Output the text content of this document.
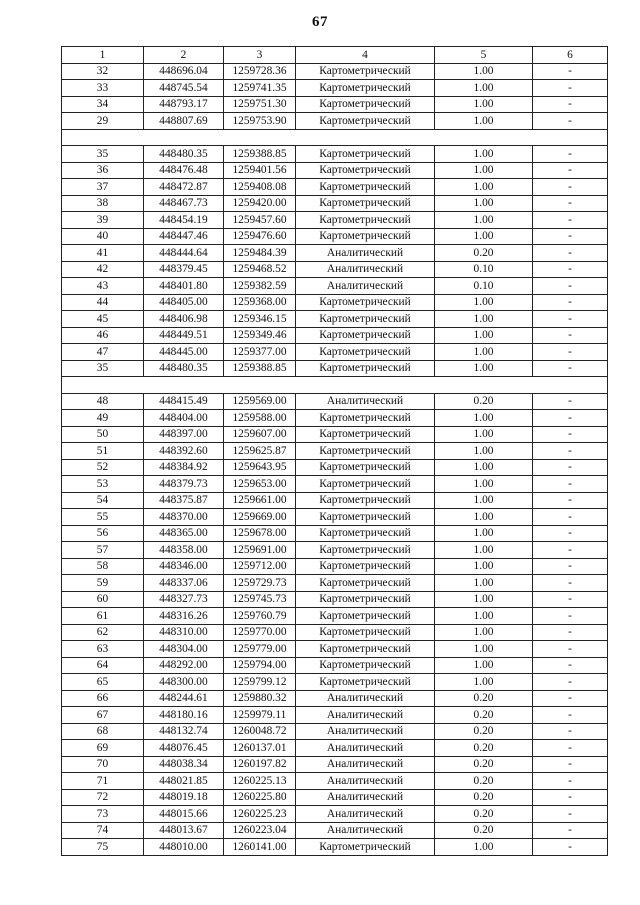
67
1	2	3	4	5	6
32	448696.04	1259728.36	Картометрический	1.00	-
33	448745.54	1259741.35	Картометрический	1.00	-
34	448793.17	1259751.30	Картометрический	1.00	-
29	448807.69	1259753.90	Картометрический	1.00	-

35	448480.35	1259388.85	Картометрический	1.00	-
36	448476.48	1259401.56	Картометрический	1.00	-
37	448472.87	1259408.08	Картометрический	1.00	-
38	448467.73	1259420.00	Картометрический	1.00	-
39	448454.19	1259457.60	Картометрический	1.00	-
40	448447.46	1259476.60	Картометрический	1.00	-
41	448444.64	1259484.39	Аналитический	0.20	-
42	448379.45	1259468.52	Аналитический	0.10	-
43	448401.80	1259382.59	Аналитический	0.10	-
44	448405.00	1259368.00	Картометрический	1.00	-
45	448406.98	1259346.15	Картометрический	1.00	-
46	448449.51	1259349.46	Картометрический	1.00	-
47	448445.00	1259377.00	Картометрический	1.00	-
35	448480.35	1259388.85	Картометрический	1.00	-

48	448415.49	1259569.00	Аналитический	0.20	-
49	448404.00	1259588.00	Картометрический	1.00	-
50	448397.00	1259607.00	Картометрический	1.00	-
51	448392.60	1259625.87	Картометрический	1.00	-
52	448384.92	1259643.95	Картометрический	1.00	-
53	448379.73	1259653.00	Картометрический	1.00	-
54	448375.87	1259661.00	Картометрический	1.00	-
55	448370.00	1259669.00	Картометрический	1.00	-
56	448365.00	1259678.00	Картометрический	1.00	-
57	448358.00	1259691.00	Картометрический	1.00	-
58	448346.00	1259712.00	Картометрический	1.00	-
59	448337.06	1259729.73	Картометрический	1.00	-
60	448327.73	1259745.73	Картометрический	1.00	-
61	448316.26	1259760.79	Картометрический	1.00	-
62	448310.00	1259770.00	Картометрический	1.00	-
63	448304.00	1259779.00	Картометрический	1.00	-
64	448292.00	1259794.00	Картометрический	1.00	-
65	448300.00	1259799.12	Картометрический	1.00	-
66	448244.61	1259880.32	Аналитический	0.20	-
67	448180.16	1259979.11	Аналитический	0.20	-
68	448132.74	1260048.72	Аналитический	0.20	-
69	448076.45	1260137.01	Аналитический	0.20	-
70	448038.34	1260197.82	Аналитический	0.20	-
71	448021.85	1260225.13	Аналитический	0.20	-
72	448019.18	1260225.80	Аналитический	0.20	-
73	448015.66	1260225.23	Аналитический	0.20	-
74	448013.67	1260223.04	Аналитический	0.20	-
75	448010.00	1260141.00	Картометрический	1.00	-
